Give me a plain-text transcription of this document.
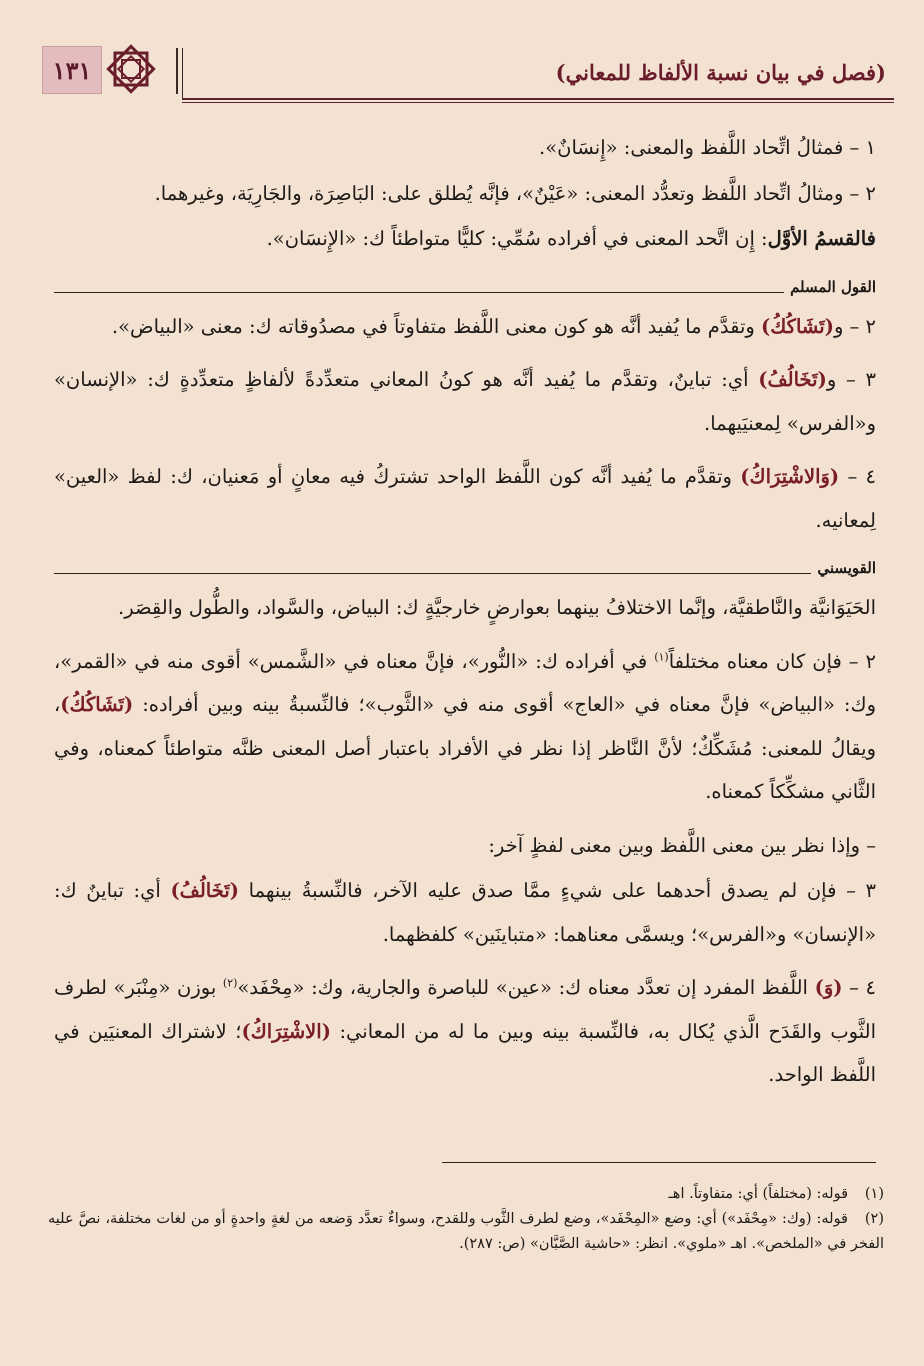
١٣١	(فصل في بيان نسبة الألفاظ للمعاني)

١ – فمثالُ اتِّحاد اللَّفظ والمعنى: «إِنسَانٌ».

٢ – ومثالُ اتِّحاد اللَّفظ وتعدُّد المعنى: «عَيْنٌ»، فإنَّه يُطلق على: البَاصِرَة، والجَارِيَة، وغيرهما.

فالقسمُ الأوَّل: إِن اتَّحد المعنى في أفراده سُمِّي: كليًّا متواطئاً ك: «الإِنسَان».

القول المسلم

٢ – و(تَشَاكُكُ) وتقدَّم ما يُفيد أنَّه هو كون معنى اللَّفظ متفاوتاً في مصدُوقاته ك: معنى «البياض».

٣ – و(تَخَالُفُ) أي: تباينٌ، وتقدَّم ما يُفيد أنَّه هو كونُ المعاني متعدِّدةً لألفاظٍ متعدِّدةٍ ك: «الإنسان» و«الفرس» لِمعنيَيهما.

٤ – (وَالاشْتِرَاكُ) وتقدَّم ما يُفيد أنَّه كون اللَّفظ الواحد تشتركُ فيه معانٍ أو مَعنيان، ك: لفظ «العين» لِمعانيه.

القويسني

الحَيَوَانيَّة والنَّاطقيَّة، وإنَّما الاختلافُ بينهما بعوارضٍ خارجيَّةٍ ك: البياض، والسَّواد، والطُّول والقِصَر.

٢ – فإن كان معناه مختلفاً$^{(١)}$ في أفراده ك: «النُّور»، فإنَّ معناه في «الشَّمس» أقوى منه في «القمر»، وك: «البياض» فإنَّ معناه في «العاج» أقوى منه في «الثَّوب»؛ فالنِّسبةُ بينه وبين أفراده: (تَشَاكُكُ)، ويقالُ للمعنى: مُشَكِّكٌ؛ لأنَّ النَّاظر إذا نظر في الأفراد باعتبار أصل المعنى ظنَّه متواطئاً كمعناه، وفي الثَّاني مشكِّكاً كمعناه.

– وإذا نظر بين معنى اللَّفظ وبين معنى لفظٍ آخر:

٣ – فإن لم يصدق أحدهما على شيءٍ ممَّا صدق عليه الآخر، فالنِّسبةُ بينهما (تَخَالُفُ) أي: تباينٌ ك: «الإنسان» و«الفرس»؛ ويسمَّى معناهما: «متباينَين» كلفظهما.

٤ – (وَ) اللَّفظ المفرد إن تعدَّد معناه ك: «عين» للباصرة والجارية، وك: «مِحْفَد»$^{(٢)}$ بوزن «مِنْبَر» لطرف الثَّوب والقَدَح الَّذي يُكال به، فالنِّسبة بينه وبين ما له من المعاني: (الاشْتِرَاكُ)؛ لاشتراك المعنيَين في اللَّفظ الواحد.

(١)قوله: (مختلفاً) أي: متفاوتاً. اهـ

(٢)قوله: (وك: «مِحْفَد») أي: وضع «المِحْفَد»، وضع لطرف الثَّوب وللقدح، وسواءٌ تعدَّد وَضعه من لغةٍ واحدةٍ أو من لغات مختلفة، نصَّ عليه الفخر في «الملخص». اهـ «ملوي». انظر: «حاشية الصَّبَّان» (ص: ٢٨٧).
